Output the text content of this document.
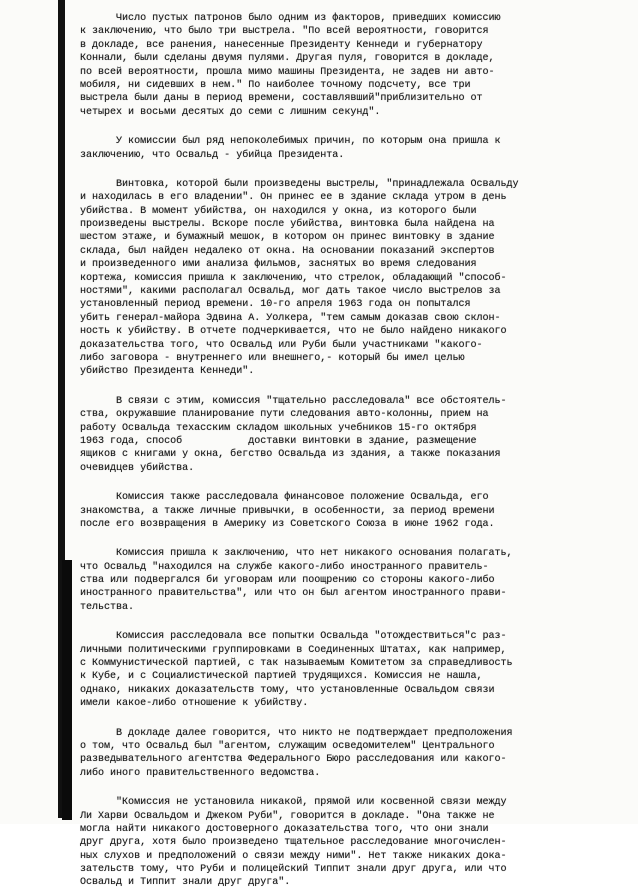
Число пустых патронов было одним из факторов, приведших комиссию
к заключению, что было три выстрела. "По всей вероятности, говорится
в докладе, все ранения, нанесенные Президенту Кеннеди и губернатору
Коннали, были сделаны двумя пулями. Другая пуля, говорится в докладе,
по всей вероятности, прошла мимо машины Президента, не задев ни авто-
мобиля, ни сидевших в нем." По наиболее точному подсчету, все три
выстрела были даны в период времени, составлявший"приблизительно от
четырех и восьми десятых до семи с лишним секунд".
У комиссии был ряд непоколебимых причин, по которым она пришла к
заключению, что Освальд - убийца Президента.
Винтовка, которой были произведены выстрелы, "принадлежала Освальду
и находилась в его владении". Он принес ее в здание склада утром в день
убийства. В момент убийства, он находился у окна, из которого были
произведены выстрелы. Вскоре после убийства, винтовка была найдена на
шестом этаже, и бумажный мешок, в котором он принес винтовку в здание
склада, был найден недалеко от окна. На основании показаний экспертов
и произведенного ими анализа фильмов, заснятых во время следования
кортежа, комиссия пришла к заключению, что стрелок, обладающий "способ-
ностями", какими располагал Освальд, мог дать такое число выстрелов за
установленный период времени. 10-го апреля 1963 года он попытался
убить генерал-майора Эдвина А. Уолкера, "тем самым доказав свою склон-
ность к убийству. В отчете подчеркивается, что не было найдено никакого
доказательства того, что Освальд или Руби были участниками "какого-
либо заговора - внутреннего или внешнего,- который бы имел целью
убийство Президента Кеннеди".
В связи с этим, комиссия "тщательно расследовала" все обстоятель-
ства, окружавшие планирование пути следования авто-колонны, прием на
работу Освальда техасским складом школьных учебников 15-го октября
1963 года, способ           доставки винтовки в здание, размещение
ящиков с книгами у окна, бегство Освальда из здания, а также показания
очевидцев убийства.
Комиссия также расследовала финансовое положение Освальда, его
знакомства, а также личные привычки, в особенности, за период времени
после его возвращения в Америку из Советского Союза в июне 1962 года.
Комиссия пришла к заключению, что нет никакого основания полагать,
что Освальд "находился на службе какого-либо иностранного правитель-
ства или подвергался би уговорам или поощрению со стороны какого-либо
иностранного правительства", или что он был агентом иностранного прави-
тельства.
Комиссия расследовала все попытки Освальда "отождествиться"с раз-
личными политическими группировками в Соединенных Штатах, как например,
с Коммунистической партией, с так называемым Комитетом за справедливость
к Кубе, и с Социалистической партией трудящихся. Комиссия не нашла,
однако, никаких доказательств тому, что установленные Освальдом связи
имели какое-либо отношение к убийству.
В докладе далее говорится, что никто не подтверждает предположения
о том, что Освальд был "агентом, служащим осведомителем" Центрального
разведывательного агентства Федерального Бюро расследования или какого-
либо иного правительственного ведомства.
"Комиссия не установила никакой, прямой или косвенной связи между
Ли Харви Освальдом и Джеком Руби", говорится в докладе. "Она также не
могла найти никакого достоверного доказательства того, что они знали
друг друга, хотя было произведено тщательное расследование многочислен-
ных слухов и предположений о связи между ними". Нет также никаких дока-
зательств тому, что Руби и полицейский Типпит знали друг друга, или что
Освальд и Типпит знали друг друга".
